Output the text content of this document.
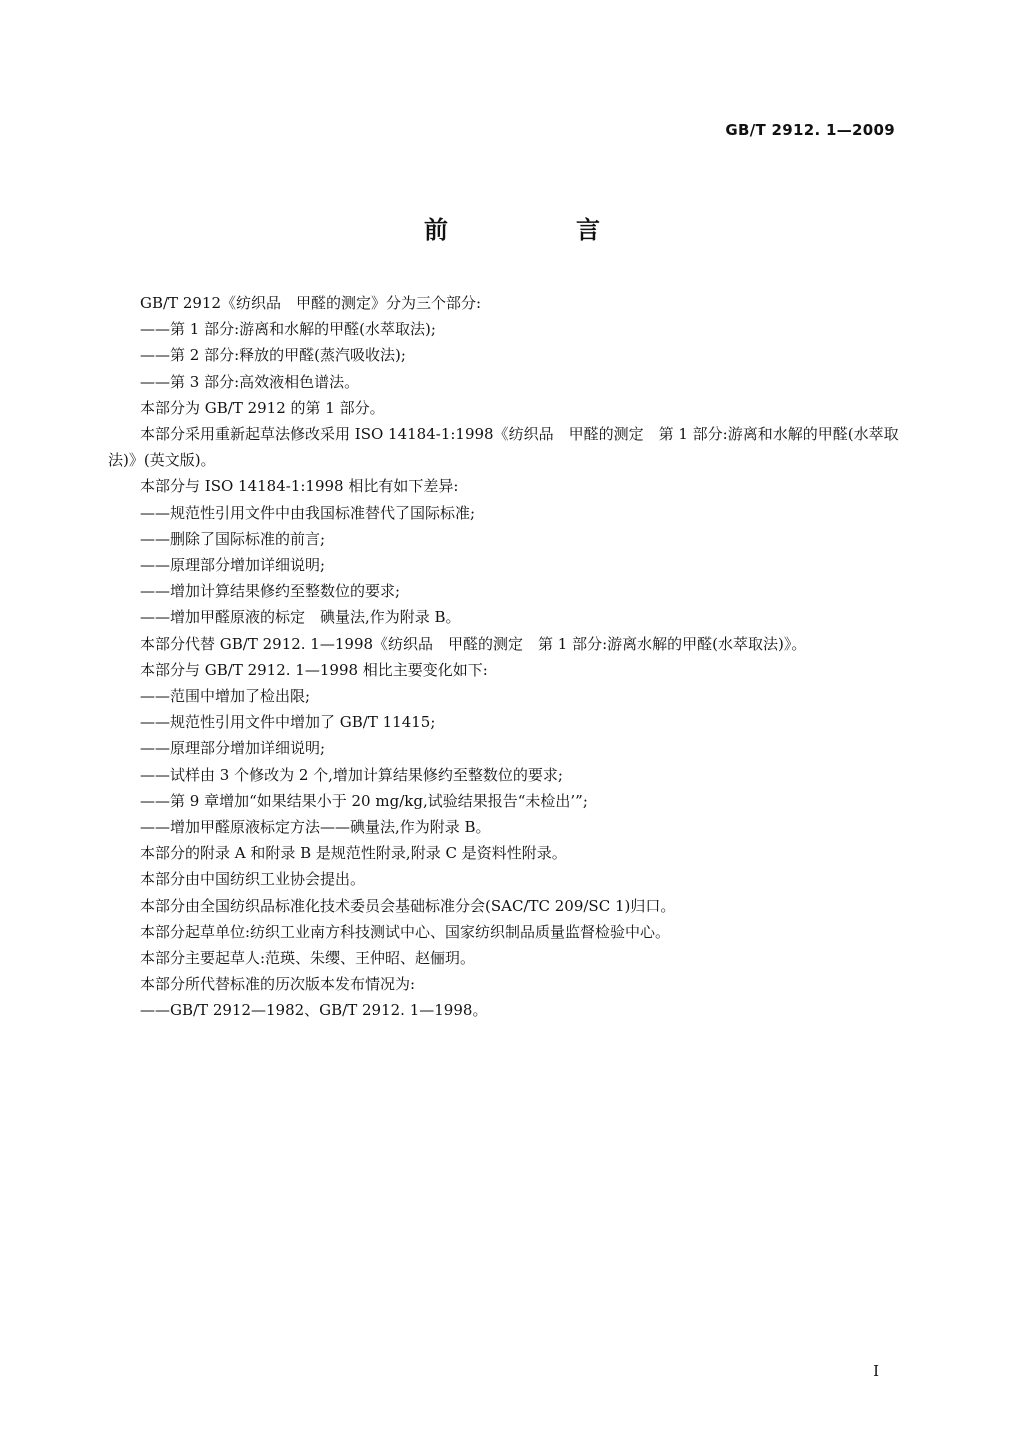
GB/T 2912. 1—2009
前　言

GB/T 2912《纺织品　甲醛的测定》分为三个部分:

——第 1 部分:游离和水解的甲醛(水萃取法);

——第 2 部分:释放的甲醛(蒸汽吸收法);

——第 3 部分:高效液相色谱法。

本部分为 GB/T 2912 的第 1 部分。

本部分采用重新起草法修改采用 ISO 14184-1:1998《纺织品　甲醛的测定　第 1 部分:游离和水解的甲醛(水萃取法)》(英文版)。

本部分与 ISO 14184-1:1998 相比有如下差异:

——规范性引用文件中由我国标准替代了国际标准;

——删除了国际标准的前言;

——原理部分增加详细说明;

——增加计算结果修约至整数位的要求;

——增加甲醛原液的标定　碘量法,作为附录 B。

本部分代替 GB/T 2912. 1—1998《纺织品　甲醛的测定　第 1 部分:游离水解的甲醛(水萃取法)》。

本部分与 GB/T 2912. 1—1998 相比主要变化如下:

——范围中增加了检出限;

——规范性引用文件中增加了 GB/T 11415;

——原理部分增加详细说明;

——试样由 3 个修改为 2 个,增加计算结果修约至整数位的要求;

——第 9 章增加“如果结果小于 20 mg/kg,试验结果报告“未检出’”;

——增加甲醛原液标定方法——碘量法,作为附录 B。

本部分的附录 A 和附录 B 是规范性附录,附录 C 是资料性附录。

本部分由中国纺织工业协会提出。

本部分由全国纺织品标准化技术委员会基础标准分会(SAC/TC 209/SC 1)归口。

本部分起草单位:纺织工业南方科技测试中心、国家纺织制品质量监督检验中心。

本部分主要起草人:范瑛、朱缨、王仲昭、赵俪玥。

本部分所代替标准的历次版本发布情况为:

——GB/T 2912—1982、GB/T 2912. 1—1998。

I
